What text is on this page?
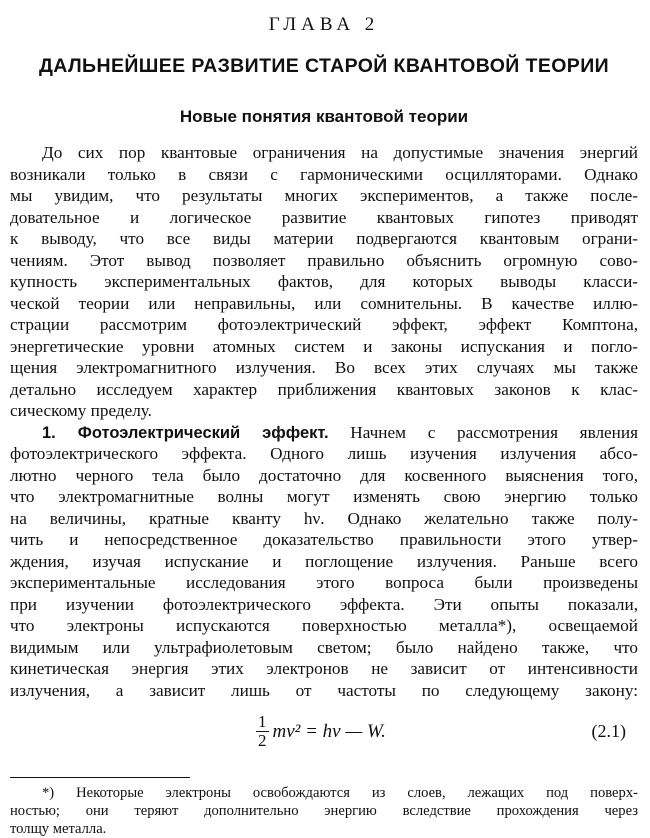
ГЛАВА 2
ДАЛЬНЕЙШЕЕ РАЗВИТИЕ СТАРОЙ КВАНТОВОЙ ТЕОРИИ
Новые понятия квантовой теории
До сих пор квантовые ограничения на допустимые значения энергий
возникали только в связи с гармоническими осцилляторами. Однако
мы увидим, что результаты многих экспериментов, а также после-
довательное и логическое развитие квантовых гипотез приводят
к выводу, что все виды материи подвергаются квантовым ограни-
чениям. Этот вывод позволяет правильно объяснить огромную сово-
купность экспериментальных фактов, для которых выводы класси-
ческой теории или неправильны, или сомнительны. В качестве иллю-
страции рассмотрим фотоэлектрический эффект, эффект Комптона,
энергетические уровни атомных систем и законы испускания и погло-
щения электромагнитного излучения. Во всех этих случаях мы также
детально исследуем характер приближения квантовых законов к клас-
сическому пределу.
1. Фотоэлектрический эффект. Начнем с рассмотрения явления
фотоэлектрического эффекта. Одного лишь изучения излучения абсо-
лютно черного тела было достаточно для косвенного выяснения того,
что электромагнитные волны могут изменять свою энергию только
на величины, кратные кванту hν. Однако желательно также полу-
чить и непосредственное доказательство правильности этого утвер-
ждения, изучая испускание и поглощение излучения. Раньше всего
экспериментальные исследования этого вопроса были произведены
при изучении фотоэлектрического эффекта. Эти опыты показали,
что электроны испускаются поверхностью металла*), освещаемой
видимым или ультрафиолетовым светом; было найдено также, что
кинетическая энергия этих электронов не зависит от интенсивности
излучения, а зависит лишь от частоты по следующему закону:
$\frac{1}{2} mv^2 = h\nu$ — W.	(2.1)
*) Некоторые электроны освобождаются из слоев, лежащих под поверх-
ностью; они теряют дополнительно энергию вследствие прохождения через
толщу металла.
